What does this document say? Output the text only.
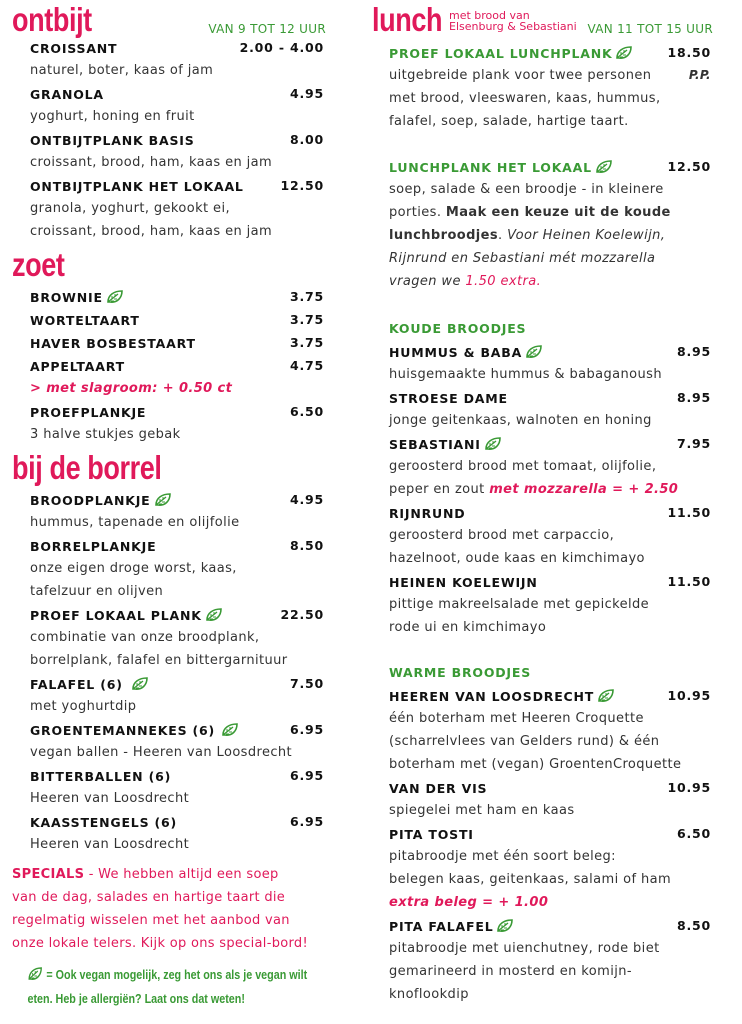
ontbijt	VAN 9 TOT 12 UUR
CROISSANT	2.00 - 4.00
naturel, boter, kaas of jam
GRANOLA	4.95
yoghurt, honing en fruit
ONTBIJTPLANK BASIS	8.00
croissant, brood, ham, kaas en jam
ONTBIJTPLANK HET LOKAAL	12.50
granola, yoghurt, gekookt ei,
croissant, brood, ham, kaas en jam
zoet
BROWNIE	3.75
WORTELTAART	3.75
HAVER BOSBESTAART	3.75
APPELTAART	4.75
> met slagroom: + 0.50 ct
PROEFPLANKJE	6.50
3 halve stukjes gebak
bij de borrel
BROODPLANKJE	4.95
hummus, tapenade en olijfolie
BORRELPLANKJE	8.50
onze eigen droge worst, kaas,
tafelzuur en olijven
PROEF LOKAAL PLANK	22.50
combinatie van onze broodplank,
borrelplank, falafel en bittergarnituur
FALAFEL (6)	7.50
met yoghurtdip
GROENTEMANNEKES (6)	6.95
vegan ballen - Heeren van Loosdrecht
BITTERBALLEN (6)	6.95
Heeren van Loosdrecht
KAASSTENGELS (6)	6.95
Heeren van Loosdrecht
SPECIALS - We hebben altijd een soep
van de dag, salades en hartige taart die
regelmatig wisselen met het aanbod van
onze lokale telers. Kijk op ons special-bord!
= Ook vegan mogelijk, zeg het ons als je vegan wilt
eten. Heb je allergiën? Laat ons dat weten!
lunch met brood van
Elsenburg & Sebastiani VAN 11 TOT 15 UUR
PROEF LOKAAL LUNCHPLANK	18.50
uitgebreide plank voor twee personen	P.P.
met brood, vleeswaren, kaas, hummus,
falafel, soep, salade, hartige taart.
LUNCHPLANK HET LOKAAL	12.50
soep, salade & een broodje - in kleinere
porties. Maak een keuze uit de koude
lunchbroodjes. Voor Heinen Koelewijn,
Rijnrund en Sebastiani mét mozzarella
vragen we 1.50 extra.
KOUDE BROODJES
HUMMUS & BABA	8.95
huisgemaakte hummus & babaganoush
STROESE DAME	8.95
jonge geitenkaas, walnoten en honing
SEBASTIANI	7.95
geroosterd brood met tomaat, olijfolie,
peper en zout met mozzarella = + 2.50
RIJNRUND	11.50
geroosterd brood met carpaccio,
hazelnoot, oude kaas en kimchimayo
HEINEN KOELEWIJN	11.50
pittige makreelsalade met gepickelde
rode ui en kimchimayo
WARME BROODJES
HEEREN VAN LOOSDRECHT	10.95
één boterham met Heeren Croquette
(scharrelvlees van Gelders rund) & één
boterham met (vegan) GroentenCroquette
VAN DER VIS	10.95
spiegelei met ham en kaas
PITA TOSTI	6.50
pitabroodje met één soort beleg:
belegen kaas, geitenkaas, salami of ham
extra beleg = + 1.00
PITA FALAFEL	8.50
pitabroodje met uienchutney, rode biet
gemarineerd in mosterd en komijn-
knoflookdip
